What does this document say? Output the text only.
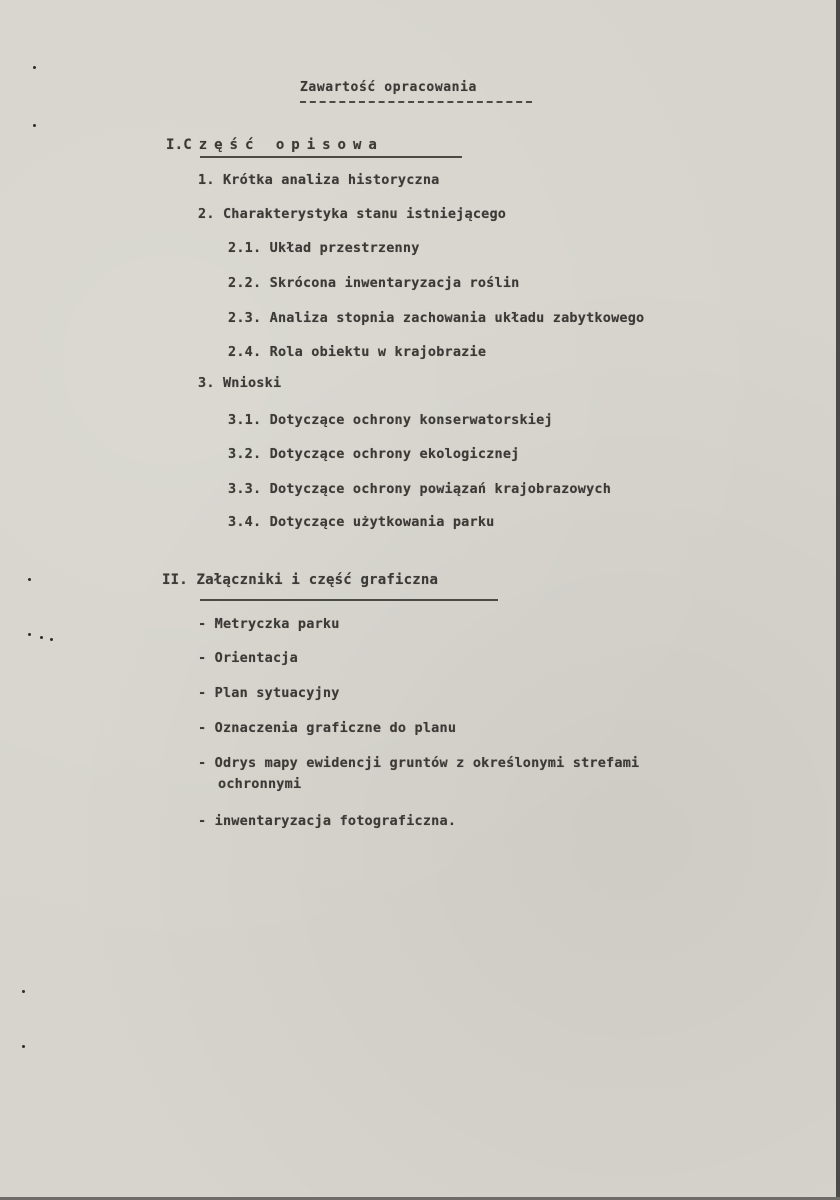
Zawartość opracowania

I.Część opisowa

1. Krótka analiza historyczna

2. Charakterystyka stanu istniejącego

2.1. Układ przestrzenny

2.2. Skrócona inwentaryzacja roślin

2.3. Analiza stopnia zachowania układu zabytkowego

2.4. Rola obiektu w krajobrazie

3. Wnioski

3.1. Dotyczące ochrony konserwatorskiej

3.2. Dotyczące ochrony ekologicznej

3.3. Dotyczące ochrony powiązań krajobrazowych

3.4. Dotyczące użytkowania parku

II. Załączniki i część graficzna

- Metryczka parku

- Orientacja

- Plan sytuacyjny

- Oznaczenia graficzne do planu

- Odrys mapy ewidencji gruntów z określonymi strefami

ochronnymi

- inwentaryzacja fotograficzna.
